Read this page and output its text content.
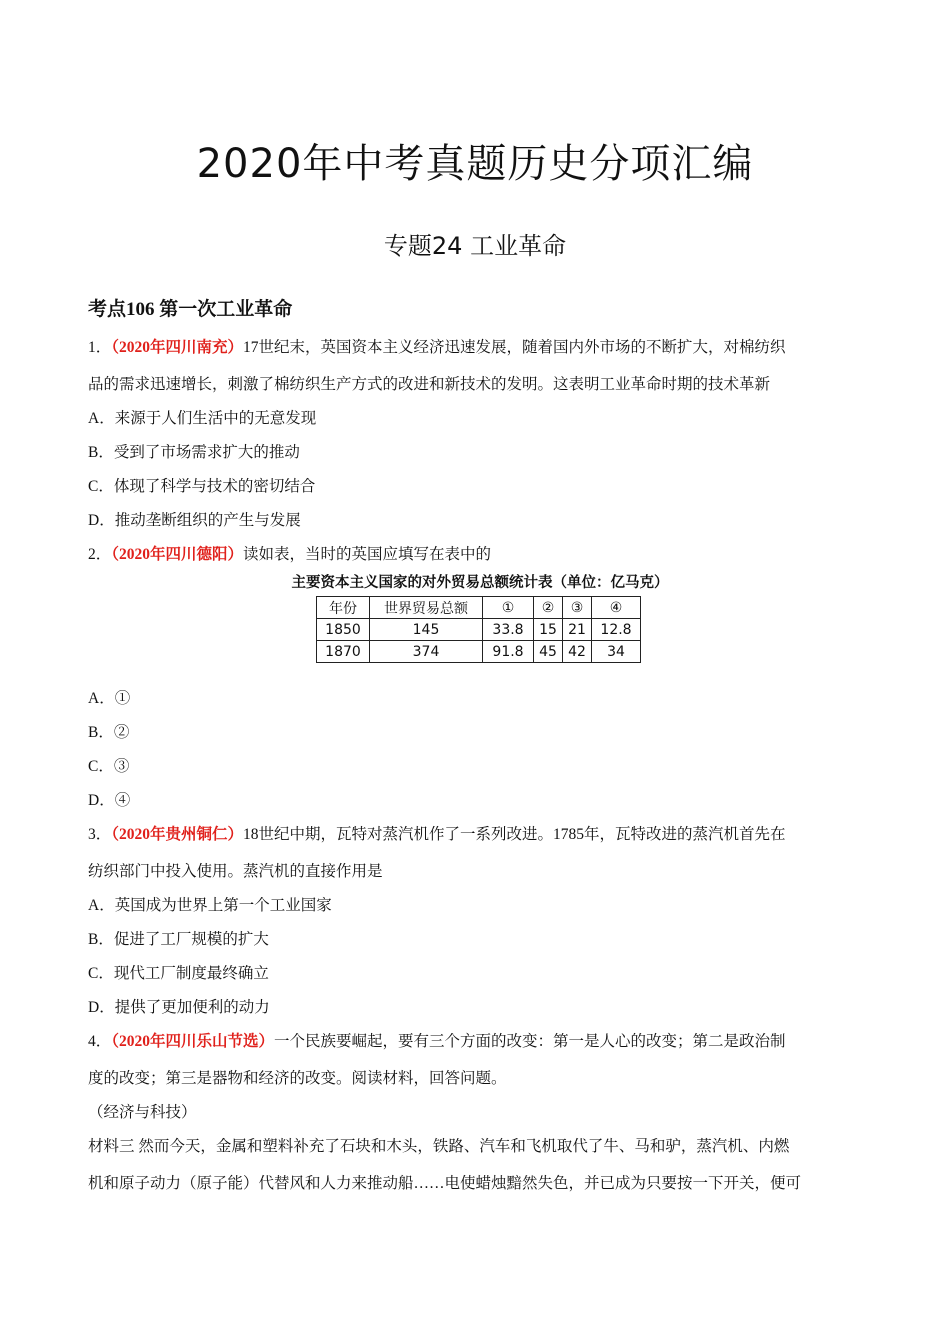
2020年中考真题历史分项汇编
专题24 工业革命
考点106 第一次工业革命
1．（2020年四川南充）17世纪末，英国资本主义经济迅速发展，随着国内外市场的不断扩大，对棉纺织
品的需求迅速增长，刺激了棉纺织生产方式的改进和新技术的发明。这表明工业革命时期的技术革新
A．来源于人们生活中的无意发现
B．受到了市场需求扩大的推动
C．体现了科学与技术的密切结合
D．推动垄断组织的产生与发展
2．（2020年四川德阳）读如表，当时的英国应填写在表中的
主要资本主义国家的对外贸易总额统计表（单位：亿马克）
年份	世界贸易总额	①	②	③	④
1850	145	33.8	15	21	12.8
1870	374	91.8	45	42	34
A．①
B．②
C．③
D．④
3．（2020年贵州铜仁）18世纪中期，瓦特对蒸汽机作了一系列改进。1785年，瓦特改进的蒸汽机首先在
纺织部门中投入使用。蒸汽机的直接作用是
A．英国成为世界上第一个工业国家
B．促进了工厂规模的扩大
C．现代工厂制度最终确立
D．提供了更加便利的动力
4．（2020年四川乐山节选）一个民族要崛起，要有三个方面的改变：第一是人心的改变；第二是政治制
度的改变；第三是器物和经济的改变。阅读材料，回答问题。
（经济与科技）
材料三 然而今天，金属和塑料补充了石块和木头，铁路、汽车和飞机取代了牛、马和驴，蒸汽机、内燃
机和原子动力（原子能）代替风和人力来推动船……电使蜡烛黯然失色，并已成为只要按一下开关，便可
